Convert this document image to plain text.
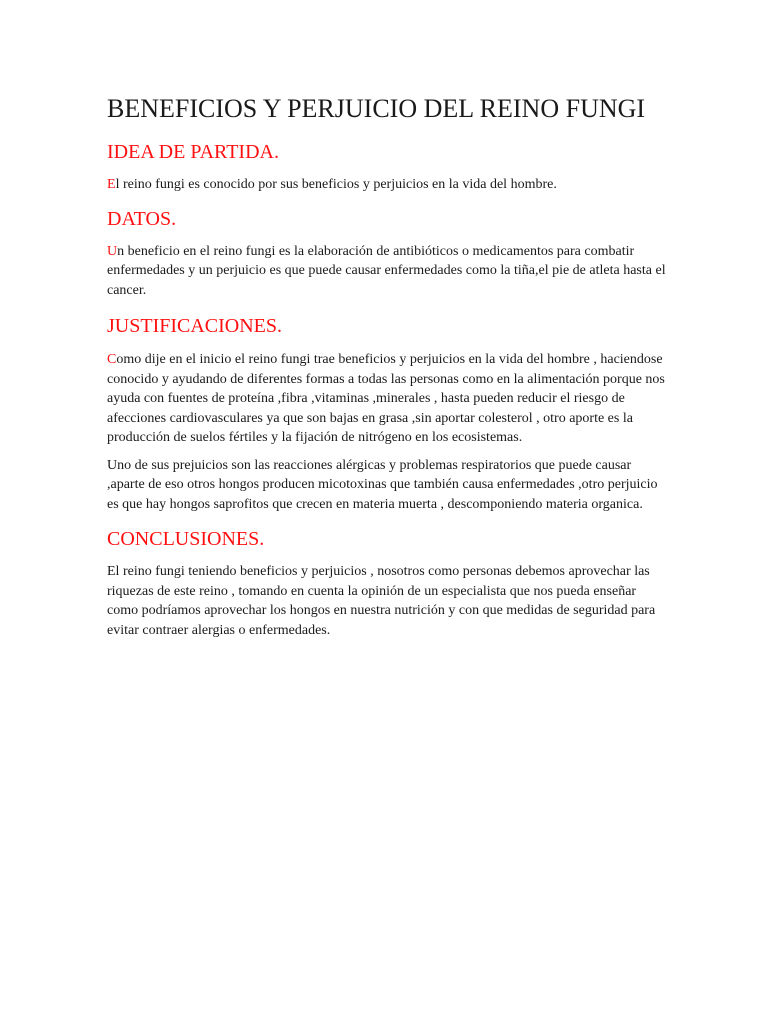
BENEFICIOS Y PERJUICIO DEL REINO FUNGI
IDEA DE PARTIDA.

El reino fungi es conocido por sus beneficios y perjuicios en la vida del hombre.

DATOS.

Un beneficio en el reino fungi es la elaboración de antibióticos o medicamentos para combatir enfermedades y un perjuicio es que puede causar enfermedades como la tiña,el pie de atleta hasta el cancer.

JUSTIFICACIONES.

Como dije en el inicio el reino fungi trae beneficios y perjuicios en la vida del hombre , haciendose conocido y ayudando de diferentes formas a todas las personas como en la alimentación porque nos ayuda con fuentes de proteína ,fibra ,vitaminas ,minerales , hasta pueden reducir el riesgo de afecciones cardiovasculares ya que son bajas en grasa ,sin aportar colesterol , otro aporte es la producción de suelos fértiles y la fijación de nitrógeno en los ecosistemas.

Uno de sus prejuicios son las reacciones alérgicas y problemas respiratorios que puede causar ,aparte de eso otros hongos producen micotoxinas que también causa enfermedades ,otro perjuicio es que hay hongos saprofitos que crecen en materia muerta , descomponiendo materia organica.

CONCLUSIONES.

El reino fungi teniendo beneficios y perjuicios , nosotros como personas debemos aprovechar las riquezas de este reino , tomando en cuenta la opinión de un especialista que nos pueda enseñar como podríamos aprovechar los hongos en nuestra nutrición y con que medidas de seguridad para evitar contraer alergias o enfermedades.
